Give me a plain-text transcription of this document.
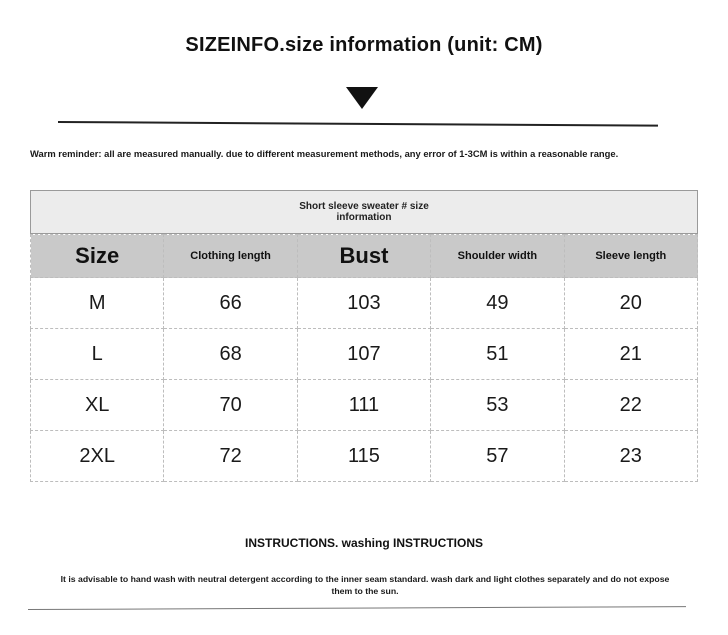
SIZEINFO.size information (unit: CM)
Warm reminder: all are measured manually. due to different measurement methods, any error of 1-3CM is within a reasonable range.
Short sleeve sweater # size information
Size	Clothing length	Bust	Shoulder width	Sleeve length
M	66	103	49	20
L	68	107	51	21
XL	70	111	53	22
2XL	72	115	57	23
INSTRUCTIONS. washing INSTRUCTIONS
It is advisable to hand wash with neutral detergent according to the inner seam standard. wash dark and light clothes separately and do not expose them to the sun.
